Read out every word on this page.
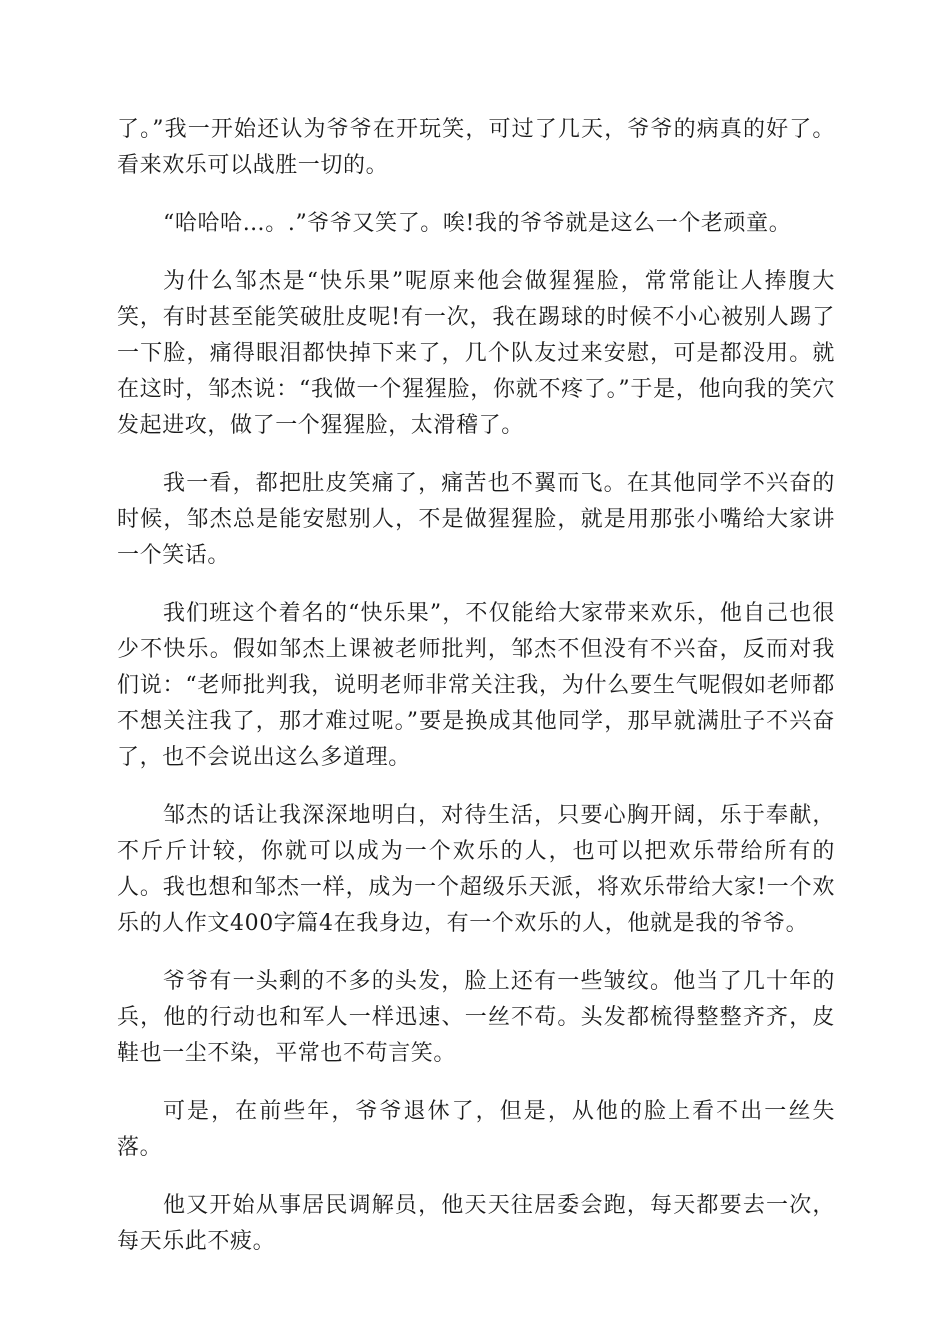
了。”我一开始还认为爷爷在开玩笑，可过了几天，爷爷的病真的好了。看来欢乐可以战胜一切的。

“哈哈哈…。.”爷爷又笑了。唉!我的爷爷就是这么一个老顽童。

为什么邹杰是“快乐果”呢原来他会做猩猩脸，常常能让人捧腹大笑，有时甚至能笑破肚皮呢!有一次，我在踢球的时候不小心被别人踢了一下脸，痛得眼泪都快掉下来了，几个队友过来安慰，可是都没用。就在这时，邹杰说：“我做一个猩猩脸，你就不疼了。”于是，他向我的笑穴发起进攻，做了一个猩猩脸，太滑稽了。

我一看，都把肚皮笑痛了，痛苦也不翼而飞。在其他同学不兴奋的时候，邹杰总是能安慰别人，不是做猩猩脸，就是用那张小嘴给大家讲一个笑话。

我们班这个着名的“快乐果”，不仅能给大家带来欢乐，他自己也很少不快乐。假如邹杰上课被老师批判，邹杰不但没有不兴奋，反而对我们说：“老师批判我，说明老师非常关注我，为什么要生气呢假如老师都不想关注我了，那才难过呢。”要是换成其他同学，那早就满肚子不兴奋了，也不会说出这么多道理。

邹杰的话让我深深地明白，对待生活，只要心胸开阔，乐于奉献，不斤斤计较，你就可以成为一个欢乐的人，也可以把欢乐带给所有的人。我也想和邹杰一样，成为一个超级乐天派，将欢乐带给大家!一个欢乐的人作文400字篇4在我身边，有一个欢乐的人，他就是我的爷爷。

爷爷有一头剩的不多的头发，脸上还有一些皱纹。他当了几十年的兵，他的行动也和军人一样迅速、一丝不苟。头发都梳得整整齐齐，皮鞋也一尘不染，平常也不苟言笑。

可是，在前些年，爷爷退休了，但是，从他的脸上看不出一丝失落。

他又开始从事居民调解员，他天天往居委会跑，每天都要去一次，每天乐此不疲。
